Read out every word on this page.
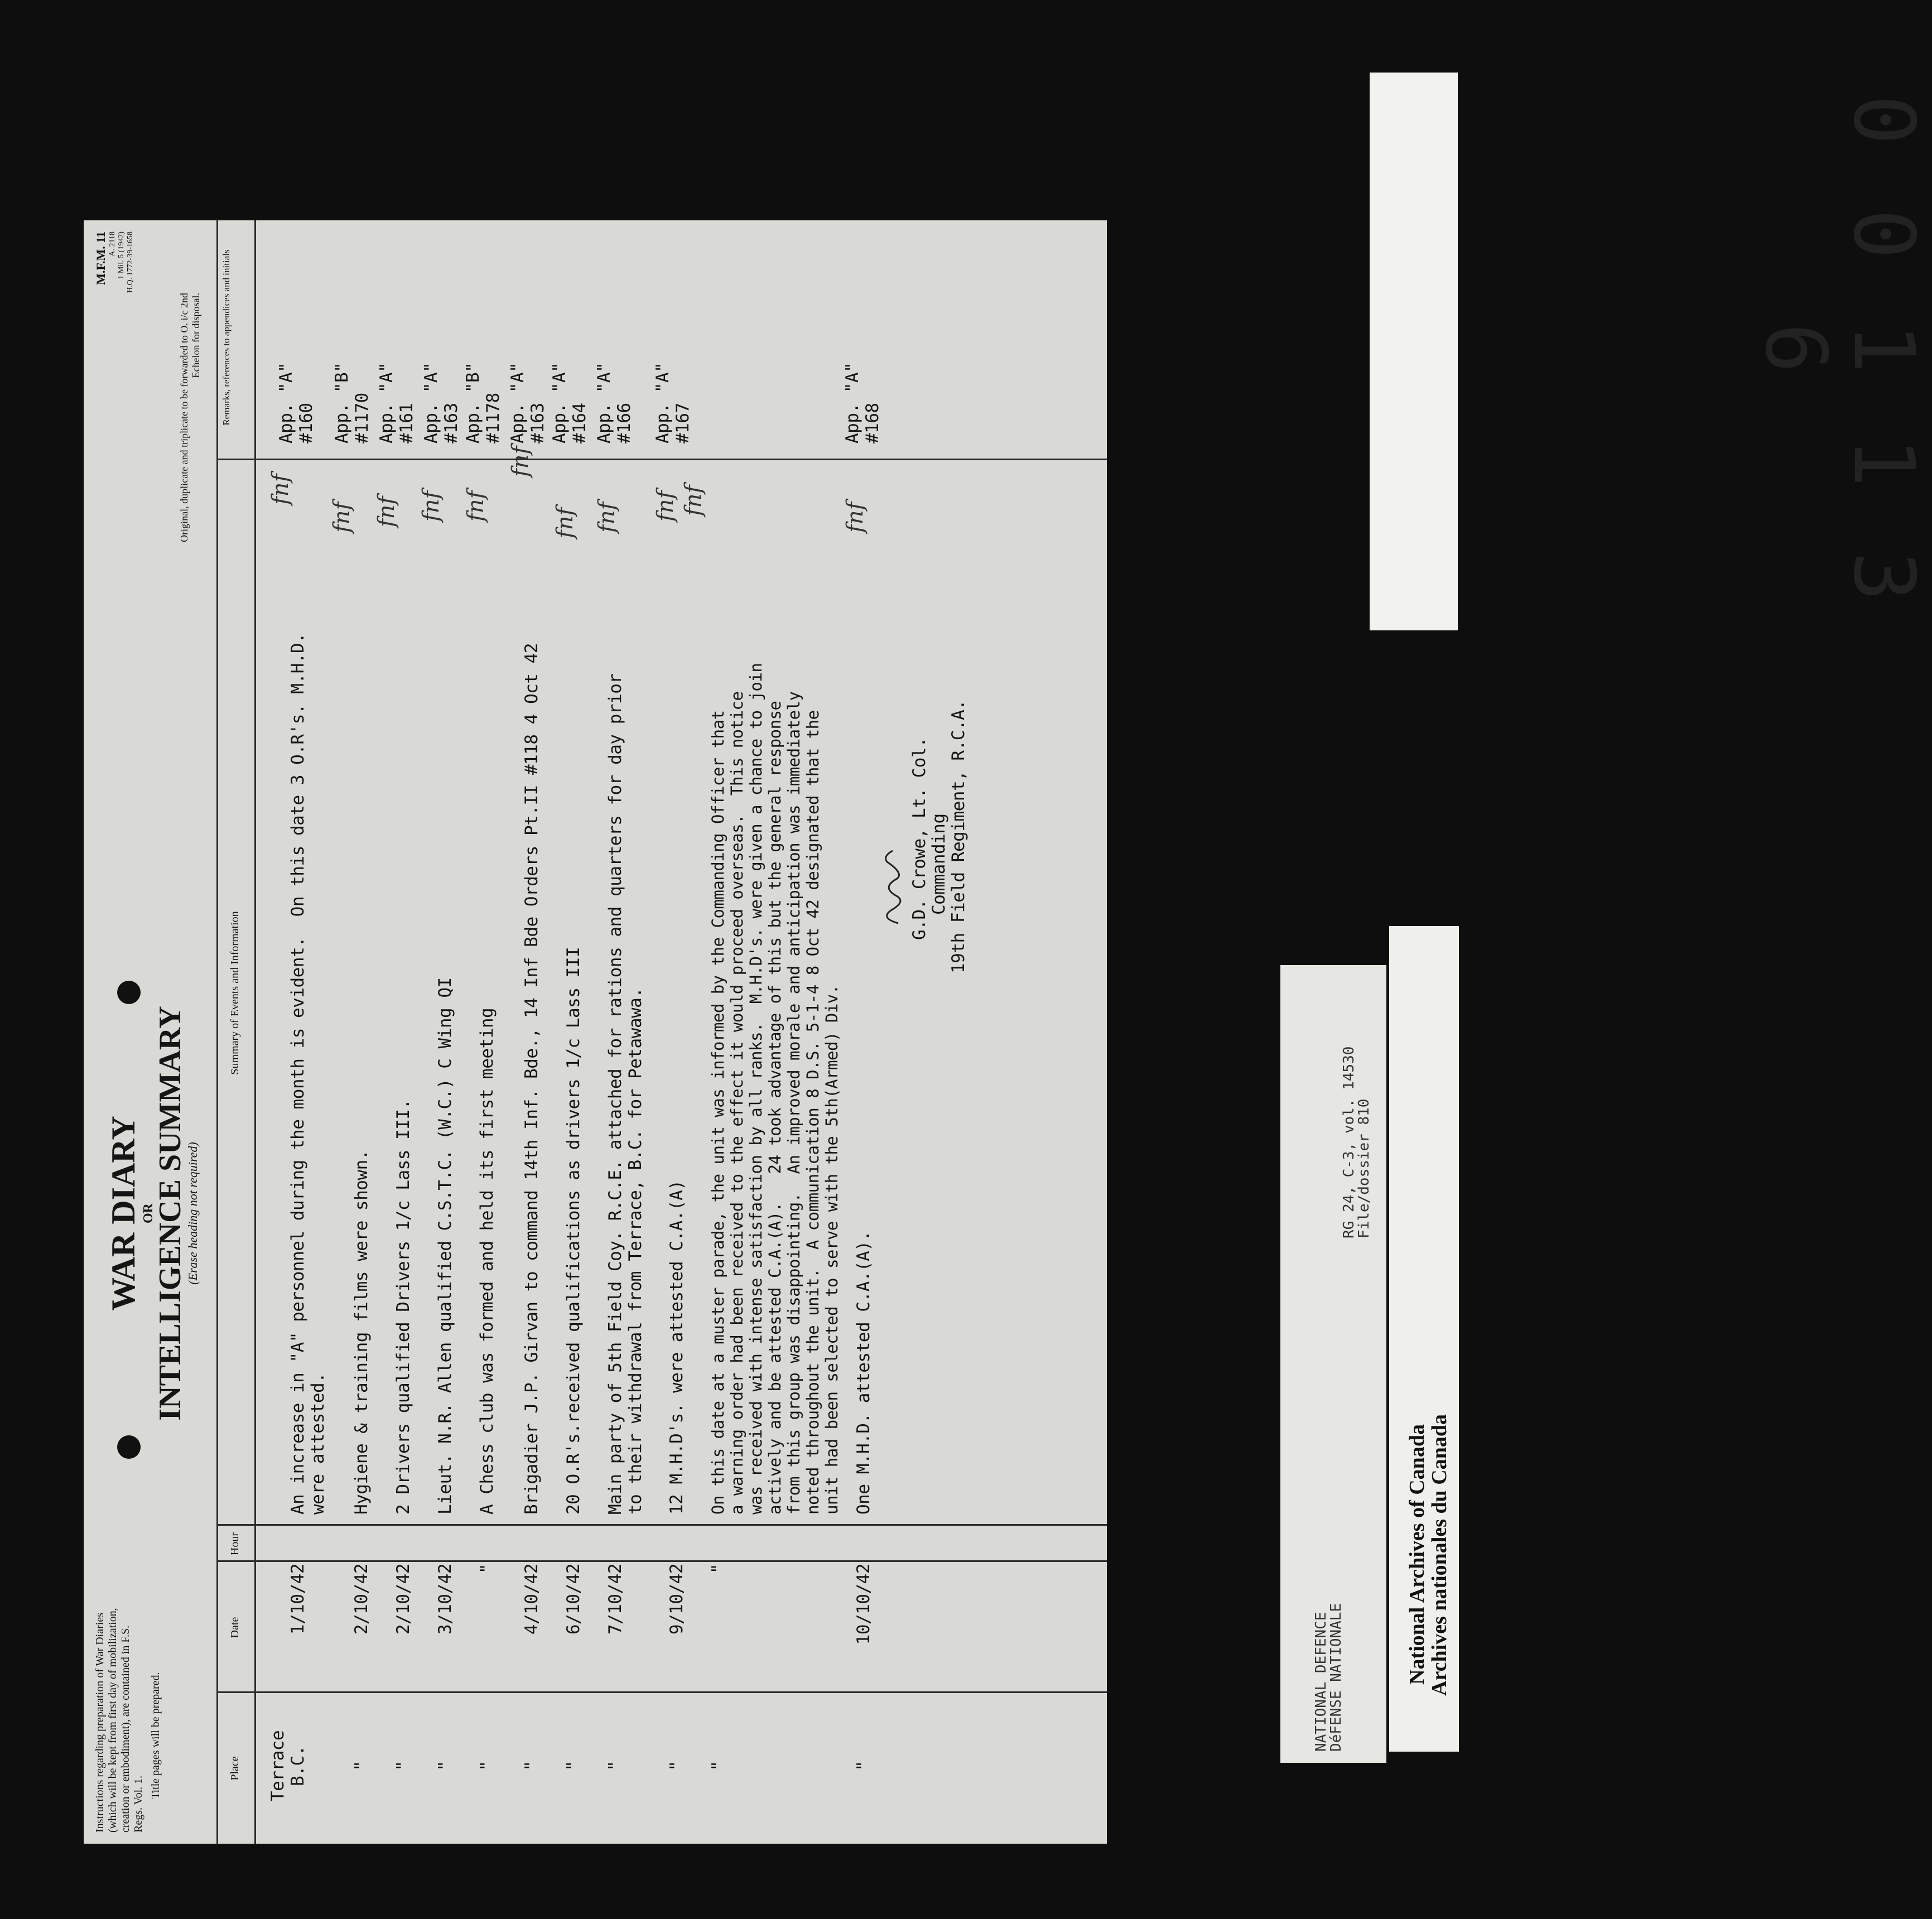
Instructions regarding preparation of War Diaries (which will be kept from first day of mobilization, creation or embodiment), are contained in F.S. Regs. Vol. 1.
Title pages will be prepared.
WAR DIARY OR
INTELLIGENCE SUMMARY
(Erase heading not required)
Original, duplicate and triplicate to be forwarded to O. i/c 2nd Echelon for disposal.
M.F.M. 11 A. 2118 1 Mil. 5 (1942) H.Q. 1772-39-1658
Place
Date
Hour
Summary of Events and Information
Remarks, references to appendices and initials
Terrace
B.C.
1/10/42
An increase in "A" personnel during the month is evident.  On this date 3 O.R's. M.H.D.
were attested.
App. "A"
#160
"
2/10/42
Hygiene & training films were shown.
App. "B"
#1170
"
2/10/42
2 Drivers qualified Drivers 1/c Lass III.
App. "A"
#161
"
3/10/42
Lieut. N.R. Allen qualified C.S.T.C. (W.C.) C Wing QI
App. "A"
#163
"
"
A Chess club was formed and held its first meeting
App. "B"
#1178
"
4/10/42
Brigadier J.P. Girvan to command 14th Inf. Bde., 14 Inf Bde Orders Pt.II #118 4 Oct 42
App. "A"
#163
"
6/10/42
20 O.R's.received qualifications as drivers 1/c Lass III
App. "A"
#164
"
7/10/42
Main party of 5th Field Coy. R.C.E. attached for rations and quarters for day prior
to their withdrawal from Terrace, B.C. for Petawawa.
App. "A"
#166
"
9/10/42
12 M.H.D's. were attested C.A.(A)
App. "A"
#167
"
"
On this date at a muster parade, the unit was informed by the Commanding Officer that
a warning order had been received to the effect it would proceed overseas.  This notice
was received with intense satisfaction by all ranks.  M.H.D's. were given a chance to join
actively and be attested C.A.(A).   24 took advantage of this but the general response
from this group was disappointing.  An improved morale and anticipation was immediately
noted throughout the unit.  A communication 8 D.S. 5-1-4 8 Oct 42 designated that the
unit had been selected to serve with the 5th(Armed) Div.
"
10/10/42
One M.H.D. attested C.A.(A).
App. "A"
#168
fnf
fnf fnf fnf fnf
fnf
fnf fnf fnf fnf
fnf
G.D. Crowe, Lt. Col. Commanding 19th Field Regiment, R.C.A.
0 0 1 1 3 6
NATIONAL DEFENCE
DéFENSE NATIONALE
RG 24, C-3, vol. 14530
File/dossier 810
National Archives of Canada
Archives nationales du Canada
